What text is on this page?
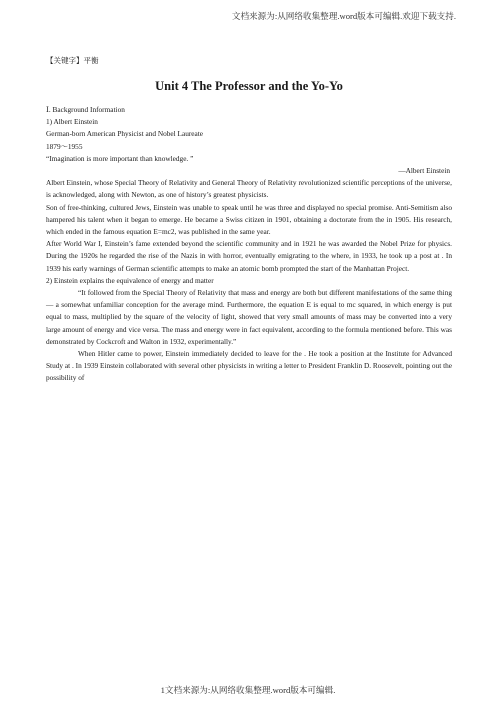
文档来源为:从网络收集整理.word版本可编辑.欢迎下载支持.
【关键字】平衡
Unit 4 The Professor and the Yo-Yo

Ⅰ. Background Information

1) Albert Einstein

German-born American Physicist and Nobel Laureate

1879～1955

“Imagination is more important than knowledge. ”

—Albert Einstein

Albert Einstein, whose Special Theory of Relativity and General Theory of Relativity revolutionized scientific perceptions of the universe, is acknowledged, along with Newton, as one of history’s greatest physicists.

Son of free-thinking, cultured Jews, Einstein was unable to speak until he was three and displayed no special promise. Anti-Semitism also hampered his talent when it began to emerge. He became a Swiss citizen in 1901, obtaining a doctorate from the in 1905. His research, which ended in the famous equation E=mc2, was published in the same year.

After World War I, Einstein’s fame extended beyond the scientific community and in 1921 he was awarded the Nobel Prize for physics. During the 1920s he regarded the rise of the Nazis in with horror, eventually emigrating to the where, in 1933, he took up a post at . In 1939 his early warnings of German scientific attempts to make an atomic bomb prompted the start of the Manhattan Project.

2) Einstein explains the equivalence of energy and matter

“It followed from the Special Theory of Relativity that mass and energy are both but different manifestations of the same thing — a somewhat unfamiliar conception for the average mind. Furthermore, the equation E is equal to mc squared, in which energy is put equal to mass, multiplied by the square of the velocity of light, showed that very small amounts of mass may be converted into a very large amount of energy and vice versa. The mass and energy were in fact equivalent, according to the formula mentioned before. This was demonstrated by Cockcroft and Walton in 1932, experimentally.”

When Hitler came to power, Einstein immediately decided to leave for the . He took a position at the Institute for Advanced Study at . In 1939 Einstein collaborated with several other physicists in writing a letter to President Franklin D. Roosevelt, pointing out the possibility of

1文档来源为:从网络收集整理.word版本可编辑.
